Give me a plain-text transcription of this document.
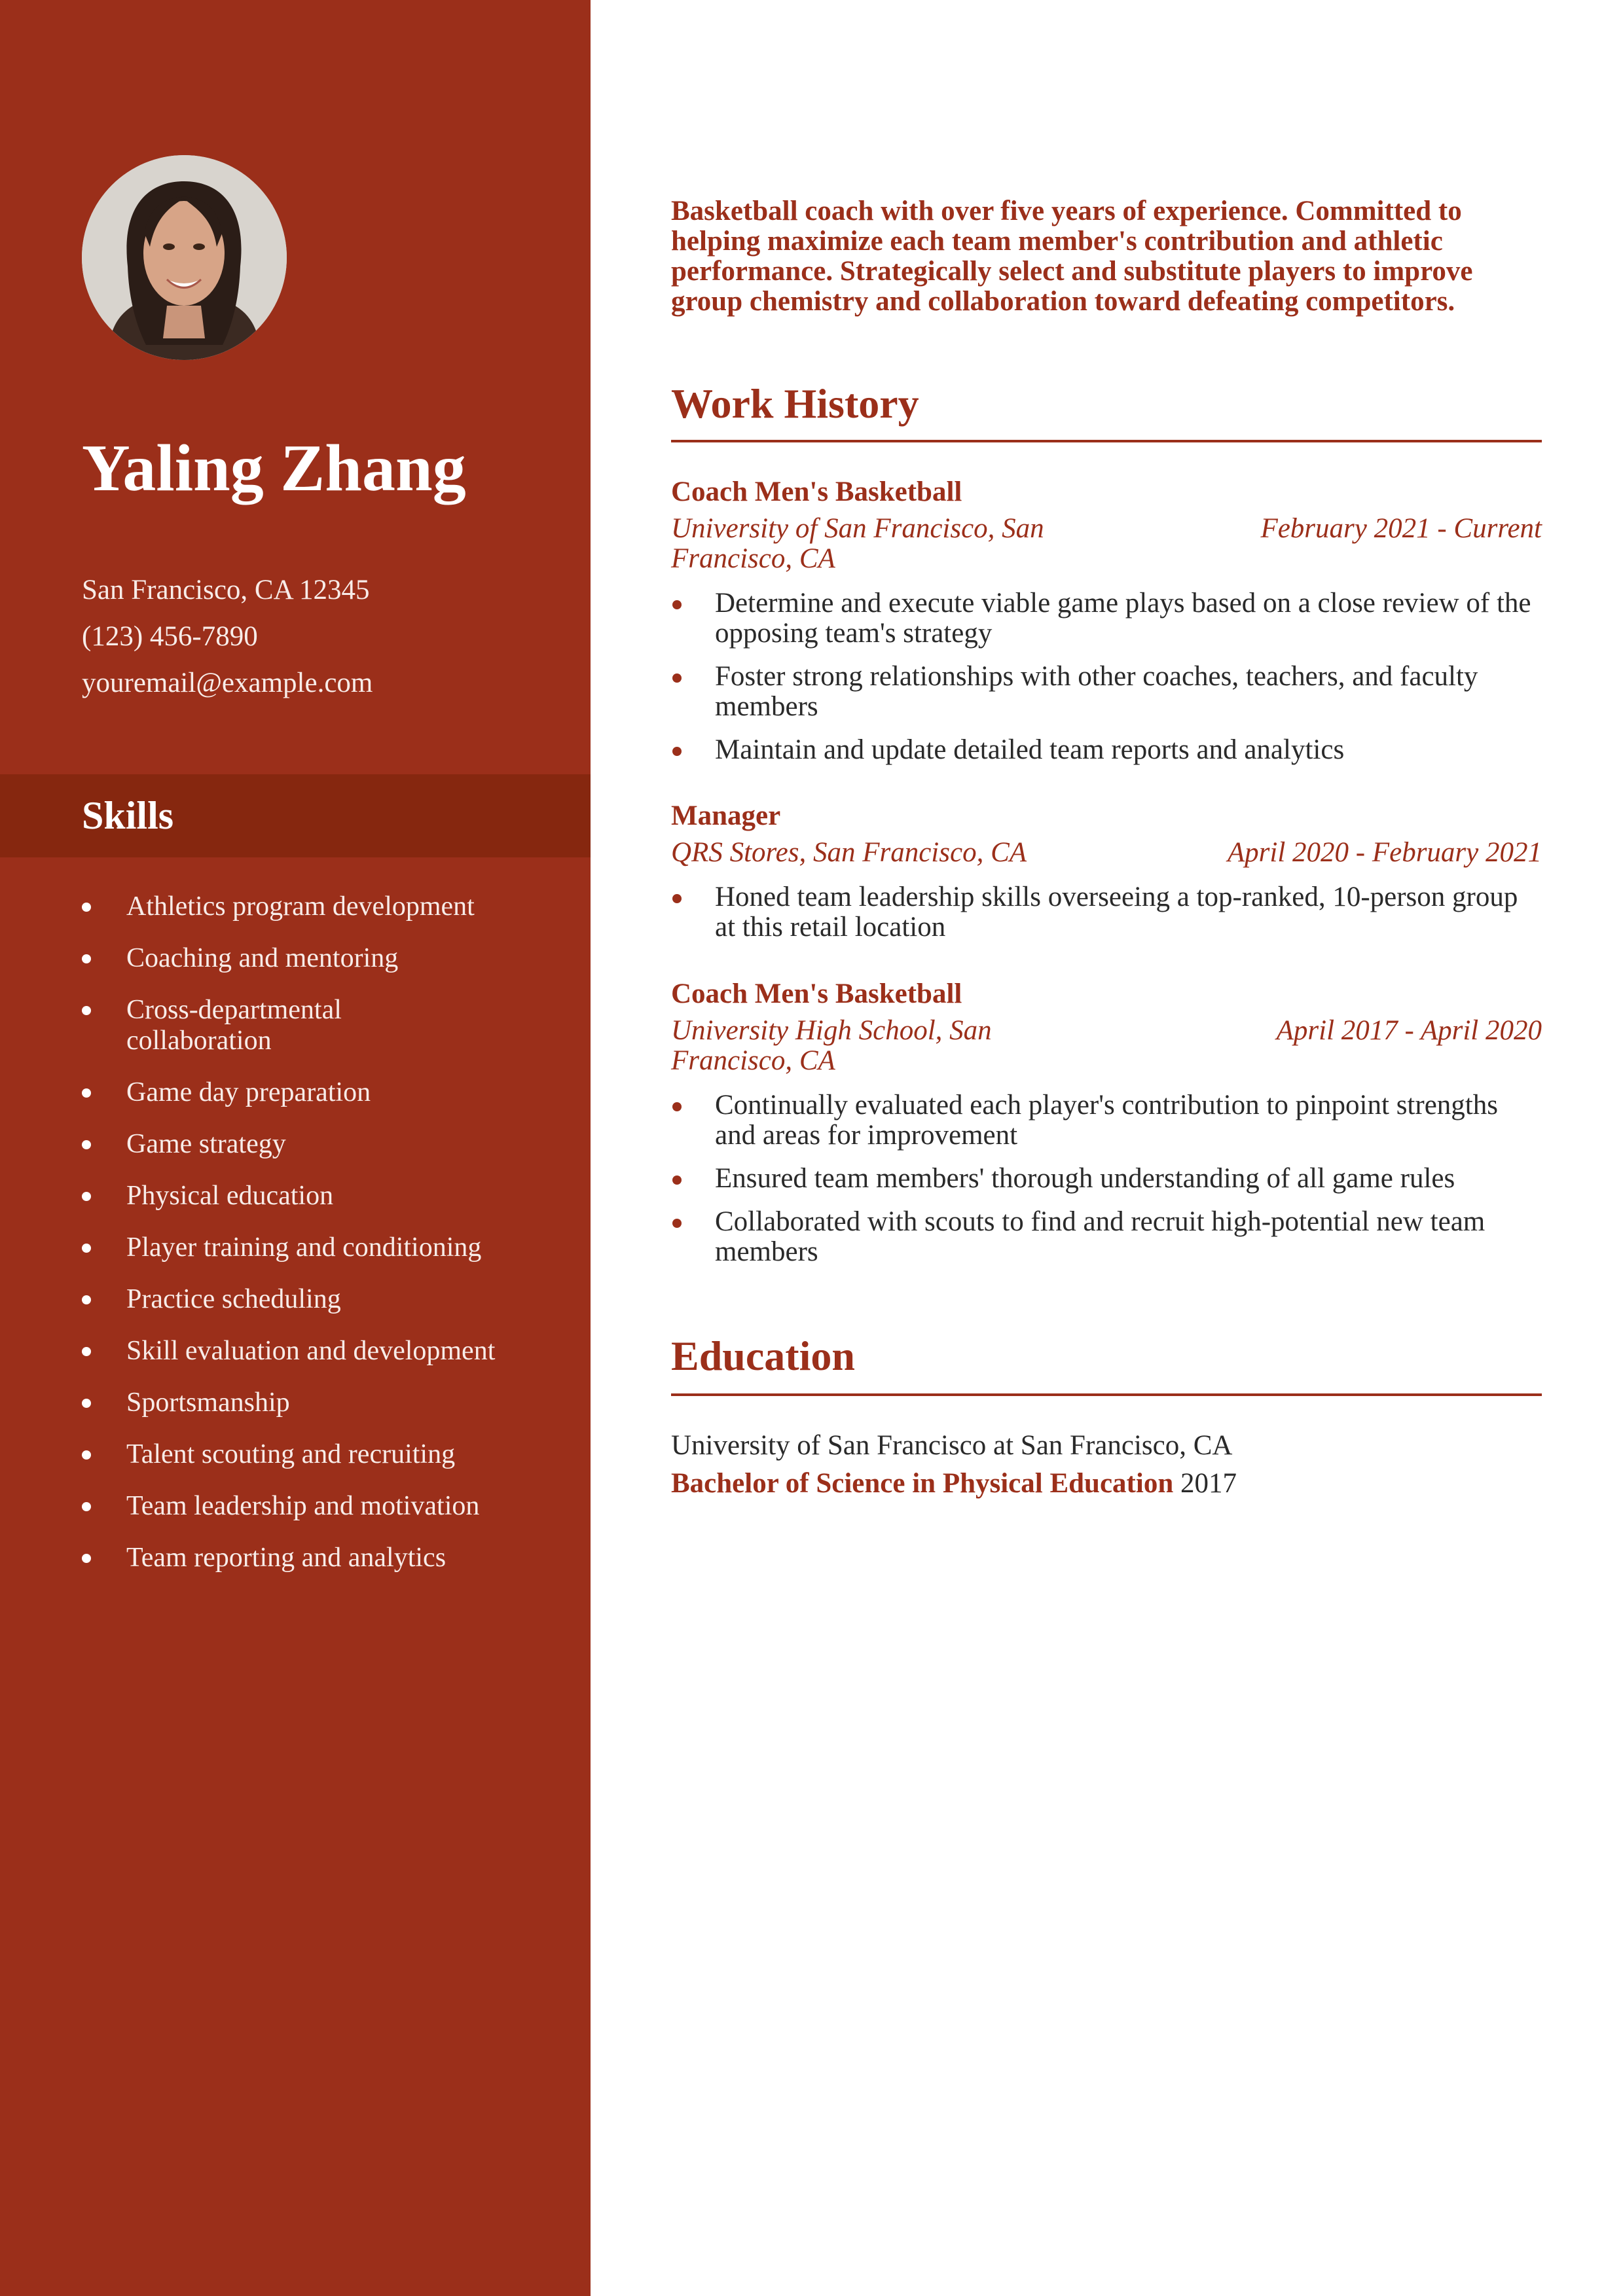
Yaling Zhang
San Francisco, CA 12345
(123) 456-7890
youremail@example.com
Skills
Athletics program development
Coaching and mentoring
Cross-departmental collaboration
Game day preparation
Game strategy
Physical education
Player training and conditioning
Practice scheduling
Skill evaluation and development
Sportsmanship
Talent scouting and recruiting
Team leadership and motivation
Team reporting and analytics

Basketball coach with over five years of experience. Committed to helping maximize each team member's contribution and athletic performance. Strategically select and substitute players to improve group chemistry and collaboration toward defeating competitors.

Work History
Coach Men's Basketball
University of San Francisco, San Francisco, CA
February 2021 - Current
Determine and execute viable game plays based on a close review of the opposing team's strategy
Foster strong relationships with other coaches, teachers, and faculty members
Maintain and update detailed team reports and analytics
Manager
QRS Stores, San Francisco, CA	April 2020 - February 2021
Honed team leadership skills overseeing a top-ranked, 10-person group at this retail location
Coach Men's Basketball
University High School, San Francisco, CA
April 2017 - April 2020
Continually evaluated each player's contribution to pinpoint strengths and areas for improvement
Ensured team members' thorough understanding of all game rules
Collaborated with scouts to find and recruit high-potential new team members
Education
University of San Francisco at San Francisco, CA
Bachelor of Science in Physical Education 2017
